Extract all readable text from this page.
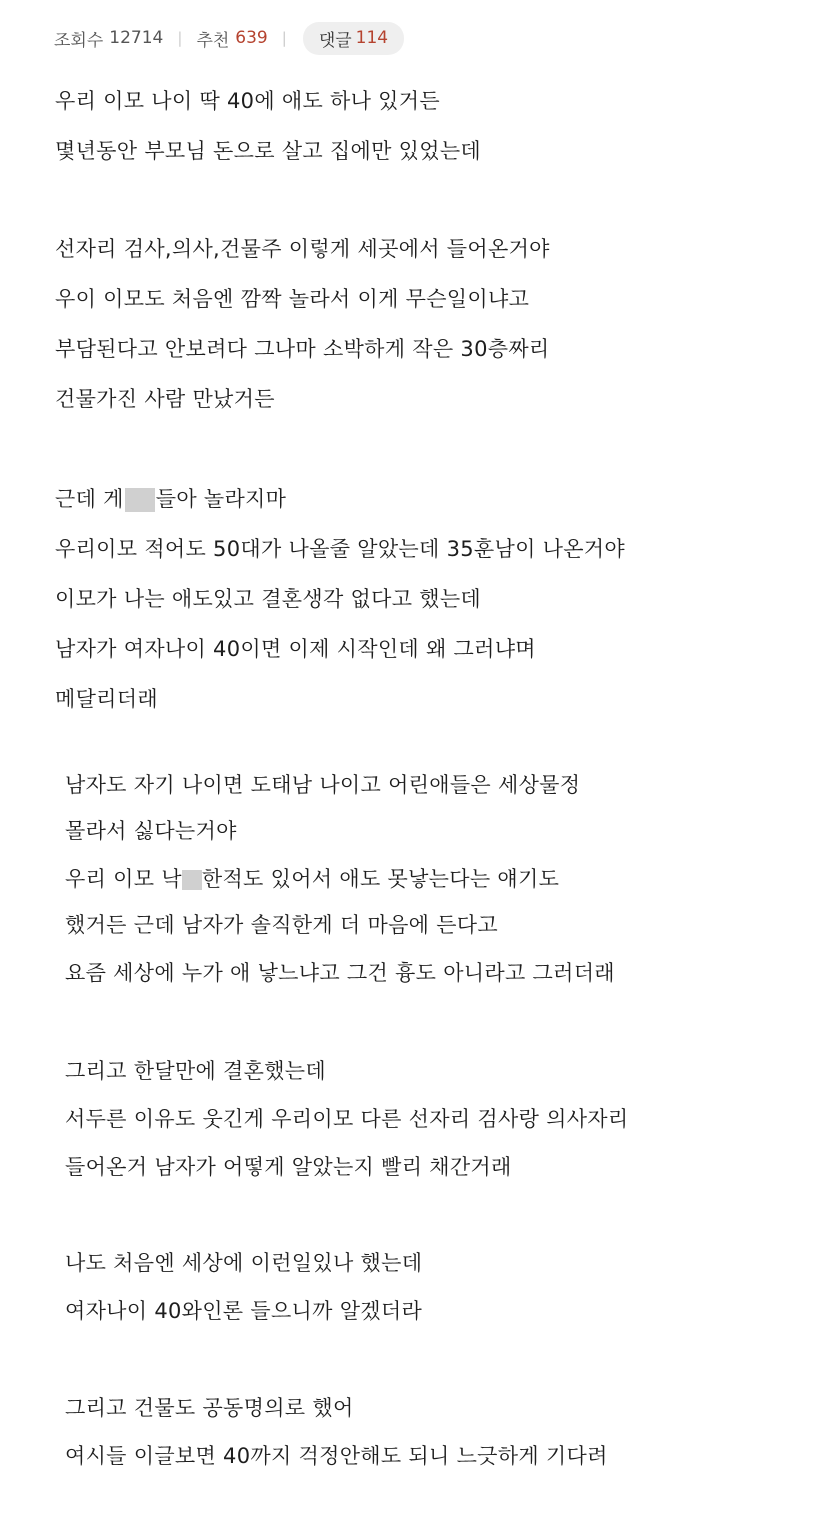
조회수 12714 | 추천 639 | 댓글 114
우리 이모 나이 딱 40에 애도 하나 있거든
몇년동안 부모님 돈으로 살고 집에만 있었는데
선자리 검사,의사,건물주 이렇게 세곳에서 들어온거야
우이 이모도 처음엔 깜짝 놀라서 이게 무슨일이냐고
부담된다고 안보려다 그나마 소박하게 작은 30층짜리
건물가진 사람 만났거든
근데 게 들아 놀라지마
우리이모 적어도 50대가 나올줄 알았는데 35훈남이 나온거야
이모가 나는 애도있고 결혼생각 없다고 했는데
남자가 여자나이 40이면 이제 시작인데 왜 그러냐며
메달리더래
남자도 자기 나이면 도태남 나이고 어린애들은 세상물정
몰라서 싫다는거야
우리 이모 낙 한적도 있어서 애도 못낳는다는 얘기도
했거든 근데 남자가 솔직한게 더 마음에 든다고
요즘 세상에 누가 애 낳느냐고 그건 흉도 아니라고 그러더래
그리고 한달만에 결혼했는데
서두른 이유도 웃긴게 우리이모 다른 선자리 검사랑 의사자리
들어온거 남자가 어떻게 알았는지 빨리 채간거래
나도 처음엔 세상에 이런일있나 했는데
여자나이 40와인론 들으니까 알겠더라
그리고 건물도 공동명의로 했어
여시들 이글보면 40까지 걱정안해도 되니 느긋하게 기다려
